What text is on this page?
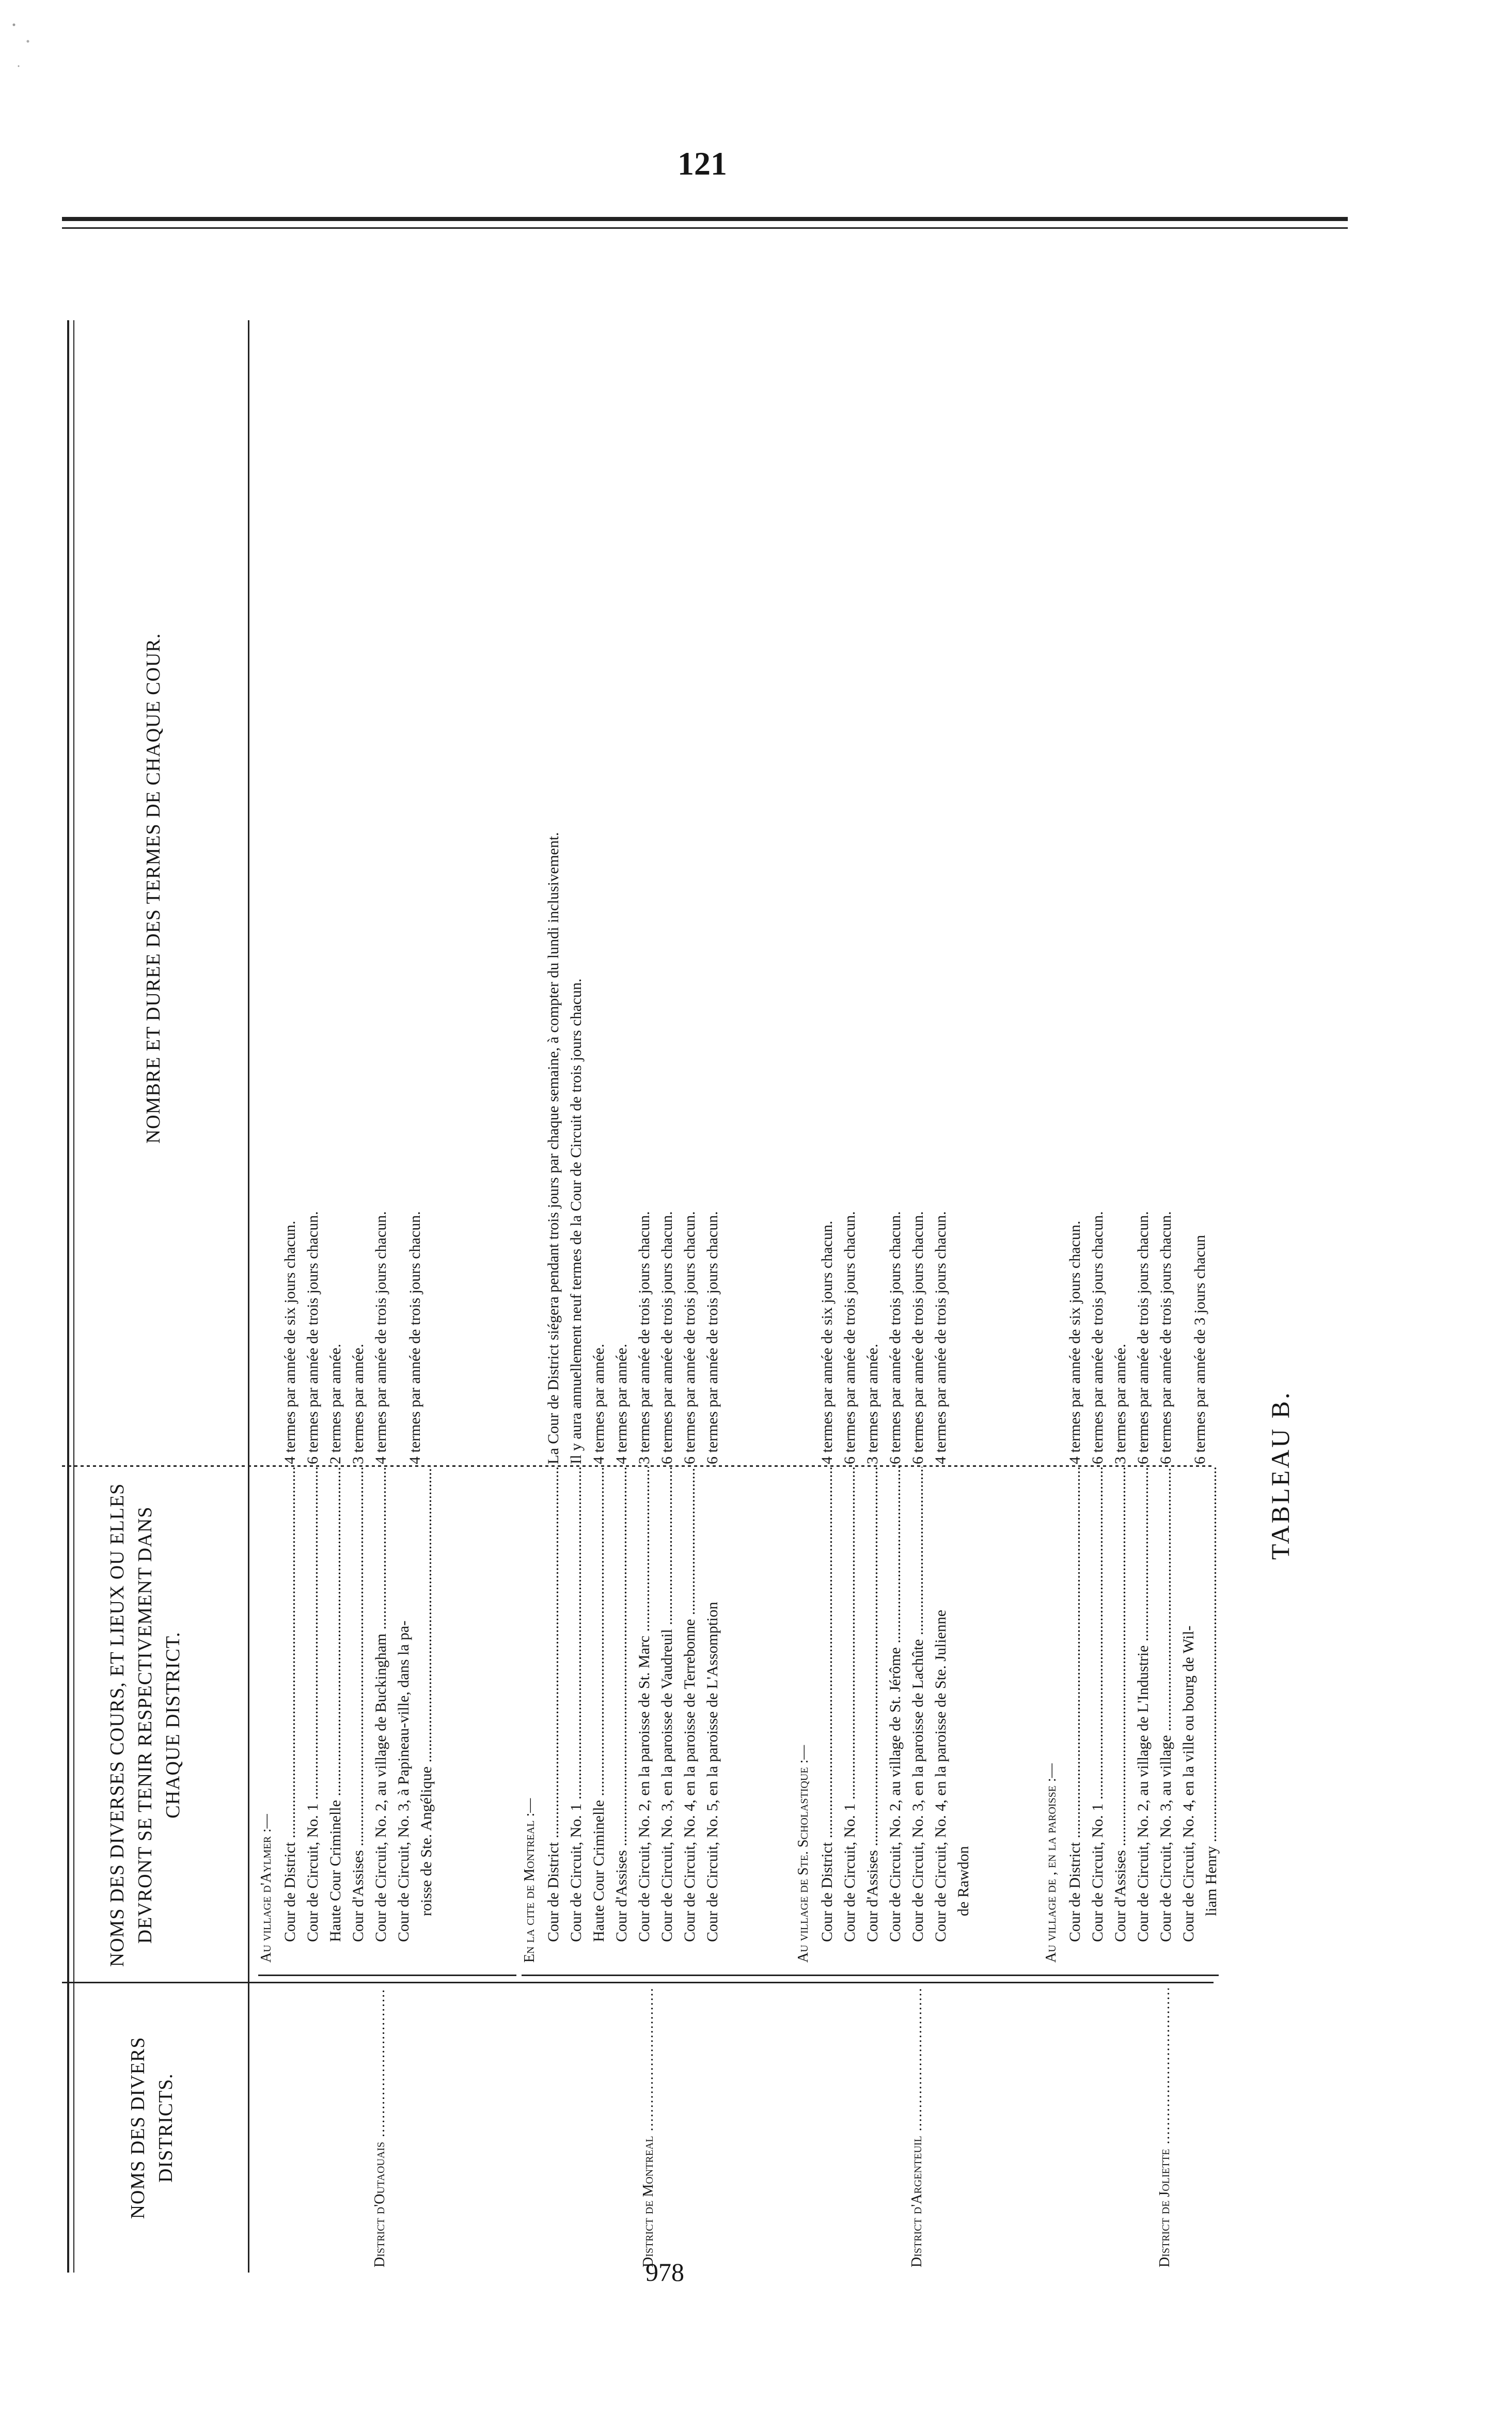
121
TABLEAU B.
NOMS DES DIVERS DISTRICTS.
NOMS DES DIVERSES COURS, ET LIEUX OU ELLES DEVRONT SE TENIR RESPECTIVEMENT DANS CHAQUE DISTRICT.
NOMBRE ET DUREE DES TERMES DE CHAQUE COUR.
District d'Outaouais .....
Au village d'Aylmer :— Cour de District ..... Cour de Circuit, No. 1 ..... Haute Cour Criminelle ..... Cour d'Assises ..... Cour de Circuit, No. 2, au village de Buckingham ..... Cour de Circuit, No. 3, à Papineau-ville, dans la pa- roisse de Ste. Angélique .....
4 termes par année de six jours chacun. 6 termes par année de trois jours chacun. 2 termes par année. 3 termes par année. 4 termes par année de trois jours chacun. 4 termes par année de trois jours chacun.
District de Montreal .....
En la cite de Montreal :— Cour de District ..... Cour de Circuit, No. 1 ..... Haute Cour Criminelle ..... Cour d'Assises ..... Cour de Circuit, No. 2, en la paroisse de St. Marc ..... Cour de Circuit, No. 3, en la paroisse de Vaudreuil ..... Cour de Circuit, No. 4, en la paroisse de Terrebonne ..... Cour de Circuit, No. 5, en la paroisse de L'Assomption
La Cour de District siégera pendant trois jours par chaque semaine, à compter du lundi inclusivement. Il y aura annuellement neuf termes de la Cour de Circuit de trois jours chacun. 4 termes par année. 4 termes par année. 3 termes par année de trois jours chacun. 6 termes par année de trois jours chacun. 6 termes par année de trois jours chacun. 6 termes par année de trois jours chacun.
District d'Argenteuil .....
Au village de Ste. Scholastique :— Cour de District ..... Cour de Circuit, No. 1 ..... Cour d'Assises ..... Cour de Circuit, No. 2, au village de St. Jérôme ..... Cour de Circuit, No. 3, en la paroisse de Lachûte ..... Cour de Circuit, No. 4, en la paroisse de Ste. Julienne de Rawdon
4 termes par année de six jours chacun. 6 termes par année de trois jours chacun. 3 termes par année. 6 termes par année de trois jours chacun. 6 termes par année de trois jours chacun. 4 termes par année de trois jours chacun.
District de Joliette .....
Au village de , en la paroisse :— Cour de District ..... Cour de Circuit, No. 1 ..... Cour d'Assises ..... Cour de Circuit, No. 2, au village de L'Industrie ..... Cour de Circuit, No. 3, au village ..... Cour de Circuit, No. 4, en la ville ou bourg de Wil- liam Henry .....
4 termes par année de six jours chacun. 6 termes par année de trois jours chacun. 3 termes par année. 6 termes par année de trois jours chacun. 6 termes par année de trois jours chacun. 6 termes par année de 3 jours chacun
978
